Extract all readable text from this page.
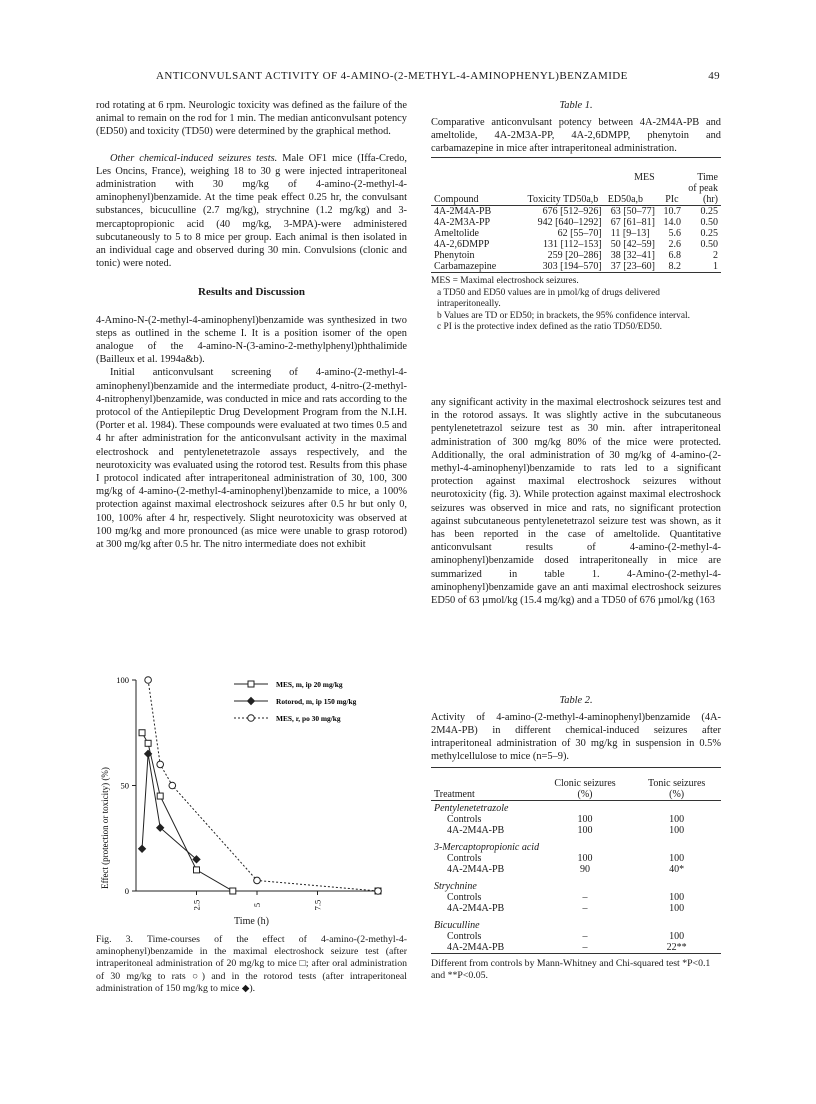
ANTICONVULSANT ACTIVITY OF 4-AMINO-(2-METHYL-4-AMINOPHENYL)BENZAMIDE	49

rod rotating at 6 rpm. Neurologic toxicity was defined as the failure of the animal to remain on the rod for 1 min. The median anticonvulsant potency (ED50) and toxicity (TD50) were determined by the graphical method.

Other chemical-induced seizures tests. Male OF1 mice (Iffa-Credo, Les Oncins, France), weighing 18 to 30 g were injected intraperitoneal administration with 30 mg/kg of 4-amino-(2-methyl-4-aminophenyl)benzamide. At the time peak effect 0.25 hr, the convulsant substances, bicuculline (2.7 mg/kg), strychnine (1.2 mg/kg) and 3-mercaptopropionic acid (40 mg/kg, 3-MPA)-were administered subcutaneously to 5 to 8 mice per group. Each animal is then isolated in an individual cage and observed during 30 min. Convulsions (clonic and tonic) were noted.

Results and Discussion

4-Amino-N-(2-methyl-4-aminophenyl)benzamide was synthesized in two steps as outlined in the scheme I. It is a position isomer of the open analogue of the 4-amino-N-(3-amino-2-methylphenyl)phthalimide (Bailleux et al. 1994a&b).

Initial anticonvulsant screening of 4-amino-(2-methyl-4-aminophenyl)benzamide and the intermediate product, 4-nitro-(2-methyl-4-nitrophenyl)benzamide, was conducted in mice and rats according to the protocol of the Antiepileptic Drug Development Program from the N.I.H. (Porter et al. 1984). These compounds were evaluated at two times 0.5 and 4 hr after administration for the anticonvulsant activity in the maximal electroshock and pentylenetetrazole assays respectively, and the neurotoxicity was evaluated using the rotorod test. Results from this phase I protocol indicated after intraperitoneal administration of 30, 100, 300 mg/kg of 4-amino-(2-methyl-4-aminophenyl)benzamide to mice, a 100% protection against maximal electroshock seizures after 0.5 hr but only 0, 100, 100% after 4 hr, respectively. Slight neurotoxicity was observed at 100 mg/kg and more pronounced (as mice were unable to grasp rotorod) at 300 mg/kg after 0.5 hr. The nitro intermediate does not exhibit

Table 1.
Comparative anticonvulsant potency between 4A-2M4A-PB and ameltolide, 4A-2M3A-PP, 4A-2,6DMPP, phenytoin and carbamazepine in mice after intraperitoneal administration.
		MES		Time
				of peak
Compound	Toxicity TD50a,b	ED50a,b	PIc	(hr)
4A-2M4A-PB	676 [512–926]	63 [50–77]	10.7	0.25
4A-2M3A-PP	942 [640–1292]	67 [61–81]	14.0	0.50
Ameltolide	62 [55–70]	11 [9–13]	5.6	0.25
4A-2,6DMPP	131 [112–153]	50 [42–59]	2.6	0.50
Phenytoin	259 [20–286]	38 [32–41]	6.8	2
Carbamazepine	303 [194–570]	37 [23–60]	8.2	1
MES = Maximal electroshock seizures.
a TD50 and ED50 values are in µmol/kg of drugs delivered intraperitoneally.
b Values are TD or ED50; in brackets, the 95% confidence interval.
c PI is the protective index defined as the ratio TD50/ED50.

any significant activity in the maximal electroshock seizures test and in the rotorod assays. It was slightly active in the subcutaneous pentylenetetrazol seizure test as 30 min. after intraperitoneal administration of 300 mg/kg 80% of the mice were protected. Additionally, the oral administration of 30 mg/kg of 4-amino-(2-methyl-4-aminophenyl)benzamide to rats led to a significant protection against maximal electroshock seizures without neurotoxicity (fig. 3). While protection against maximal electroshock seizures was observed in mice and rats, no significant protection against subcutaneous pentylenetetrazol seizure test was shown, as it has been reported in the case of ameltolide. Quantitative anticonvulsant results of 4-amino-(2-methyl-4-aminophenyl)benzamide dosed intraperitoneally in mice are summarized in table 1. 4-Amino-(2-methyl-4-aminophenyl)benzamide gave an anti maximal electroshock seizures ED50 of 63 µmol/kg (15.4 mg/kg) and a TD50 of 676 µmol/kg (163

0
50
100
2.5	5	7.5
MES, m, ip 20 mg/kg
Rotorod, m, ip 150 mg/kg
MES, r, po 30 mg/kg
Effect (protection or toxicity) (%)
Time (h)
Fig. 3. Time-courses of the effect of 4-amino-(2-methyl-4-aminophenyl)benzamide in the maximal electroshock seizure test (after intraperitoneal administration of 20 mg/kg to mice □; after oral administration of 30 mg/kg to rats ○) and in the rotorod tests (after intraperitoneal administration of 150 mg/kg to mice ◆).
Table 2.
Activity of 4-amino-(2-methyl-4-aminophenyl)benzamide (4A-2M4A-PB) in different chemical-induced seizures after intraperitoneal administration of 30 mg/kg in suspension in 0.5% methylcellulose to mice (n=5–9).
	Clonic seizures	Tonic seizures
Treatment	(%)	(%)
Pentylenetetrazole		
Controls	100	100
4A-2M4A-PB	100	100
3-Mercaptopropionic acid		
Controls	100	100
4A-2M4A-PB	90	40*
Strychnine		
Controls	–	100
4A-2M4A-PB	–	100
Bicuculline		
Controls	–	100
4A-2M4A-PB	–	22**
Different from controls by Mann-Whitney and Chi-squared test *P<0.1 and **P<0.05.
